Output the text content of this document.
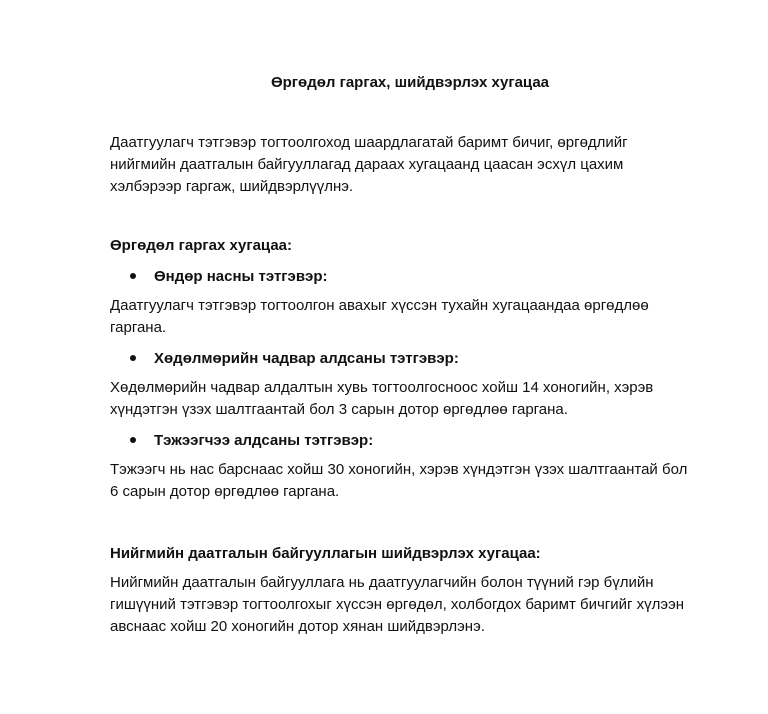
Өргөдөл гаргах, шийдвэрлэх хугацаа
Даатгуулагч тэтгэвэр тогтоолгоход шаардлагатай баримт бичиг, өргөдлийг
нийгмийн даатгалын байгууллагад дараах хугацаанд цаасан эсхүл цахим
хэлбэрээр гаргаж, шийдвэрлүүлнэ.
Өргөдөл гаргах хугацаа:
Өндөр насны тэтгэвэр:
Даатгуулагч тэтгэвэр тогтоолгон авахыг хүссэн тухайн хугацаандаа өргөдлөө
гаргана.
Хөдөлмөрийн чадвар алдсаны тэтгэвэр:
Хөдөлмөрийн чадвар алдалтын хувь тогтоолгосноос хойш 14 хоногийн, хэрэв
хүндэтгэн үзэх шалтгаантай бол 3 сарын дотор өргөдлөө гаргана.
Тэжээгчээ алдсаны тэтгэвэр:
Тэжээгч нь нас барснаас хойш 30 хоногийн, хэрэв хүндэтгэн үзэх шалтгаантай бол
6 сарын дотор өргөдлөө гаргана.
Нийгмийн даатгалын байгууллагын шийдвэрлэх хугацаа:
Нийгмийн даатгалын байгууллага нь даатгуулагчийн болон түүний гэр бүлийн
гишүүний тэтгэвэр тогтоолгохыг хүссэн өргөдөл, холбогдох баримт бичгийг хүлээн
авснаас хойш 20 хоногийн дотор хянан шийдвэрлэнэ.
